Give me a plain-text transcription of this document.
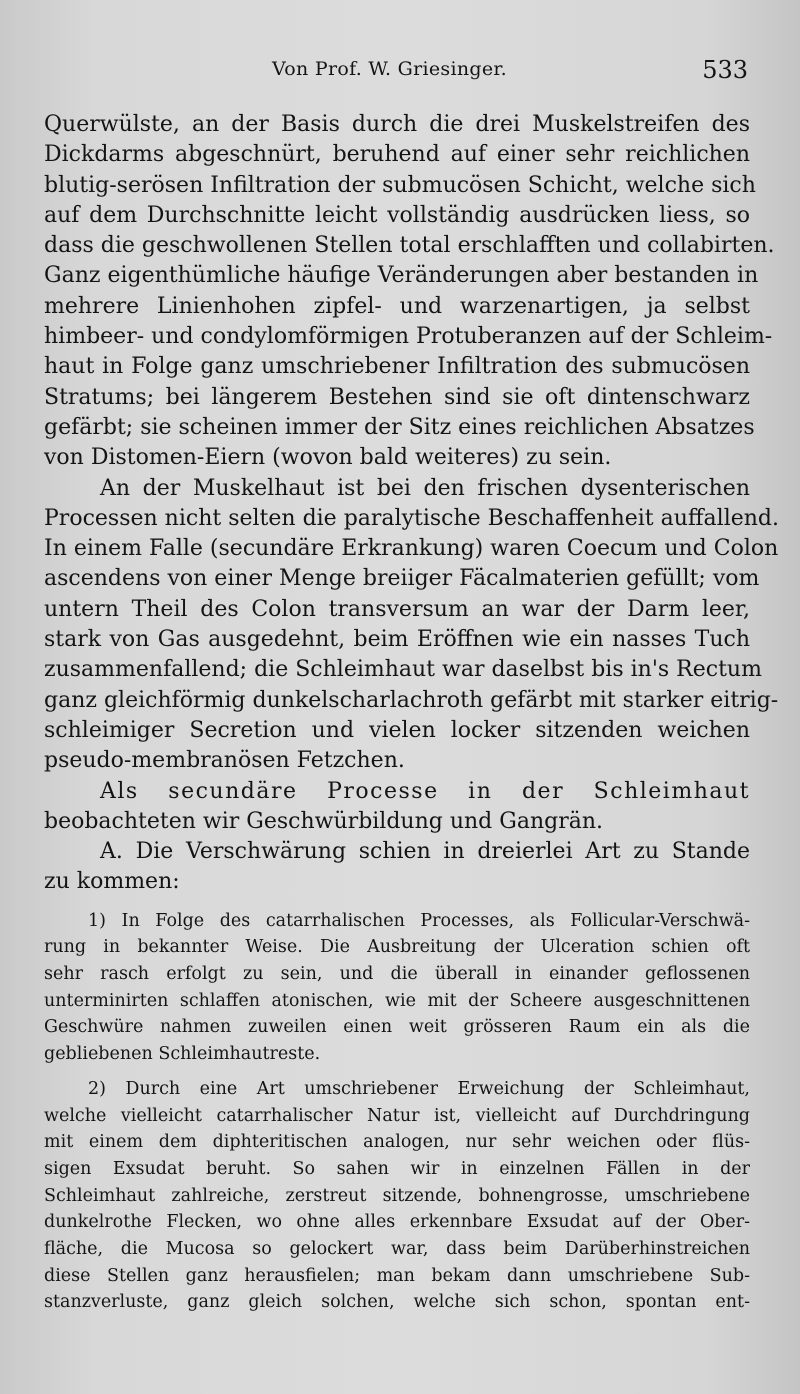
Von Prof. W. Griesinger.	533
Querwülste, an der Basis durch die drei Muskelstreifen des
Dickdarms abgeschnürt, beruhend auf einer sehr reichlichen
blutig-serösen Infiltration der submucösen Schicht, welche sich
auf dem Durchschnitte leicht vollständig ausdrücken liess, so
dass die geschwollenen Stellen total erschlafften und collabirten.
Ganz eigenthümliche häufige Veränderungen aber bestanden in
mehrere Linienhohen zipfel- und warzenartigen, ja selbst
himbeer- und condylomförmigen Protuberanzen auf der Schleim-
haut in Folge ganz umschriebener Infiltration des submucösen
Stratums; bei längerem Bestehen sind sie oft dintenschwarz
gefärbt; sie scheinen immer der Sitz eines reichlichen Absatzes
von Distomen-Eiern (wovon bald weiteres) zu sein.
An der Muskelhaut ist bei den frischen dysenterischen
Processen nicht selten die paralytische Beschaffenheit auffallend.
In einem Falle (secundäre Erkrankung) waren Coecum und Colon
ascendens von einer Menge breiiger Fäcalmaterien gefüllt; vom
untern Theil des Colon transversum an war der Darm leer,
stark von Gas ausgedehnt, beim Eröffnen wie ein nasses Tuch
zusammenfallend; die Schleimhaut war daselbst bis in's Rectum
ganz gleichförmig dunkelscharlachroth gefärbt mit starker eitrig-
schleimiger Secretion und vielen locker sitzenden weichen
pseudo-membranösen Fetzchen.
Als secundäre Processe in der Schleimhaut
beobachteten wir Geschwürbildung und Gangrän.
A. Die Verschwärung schien in dreierlei Art zu Stande
zu kommen:
1) In Folge des catarrhalischen Processes, als Follicular-Verschwä-
rung in bekannter Weise. Die Ausbreitung der Ulceration schien oft
sehr rasch erfolgt zu sein, und die überall in einander geflossenen
unterminirten schlaffen atonischen, wie mit der Scheere ausgeschnittenen
Geschwüre nahmen zuweilen einen weit grösseren Raum ein als die
gebliebenen Schleimhautreste.
2) Durch eine Art umschriebener Erweichung der Schleimhaut,
welche vielleicht catarrhalischer Natur ist, vielleicht auf Durchdringung
mit einem dem diphteritischen analogen, nur sehr weichen oder flüs-
sigen Exsudat beruht. So sahen wir in einzelnen Fällen in der
Schleimhaut zahlreiche, zerstreut sitzende, bohnengrosse, umschriebene
dunkelrothe Flecken, wo ohne alles erkennbare Exsudat auf der Ober-
fläche, die Mucosa so gelockert war, dass beim Darüberhinstreichen
diese Stellen ganz herausfielen; man bekam dann umschriebene Sub-
stanzverluste, ganz gleich solchen, welche sich schon, spontan ent-
